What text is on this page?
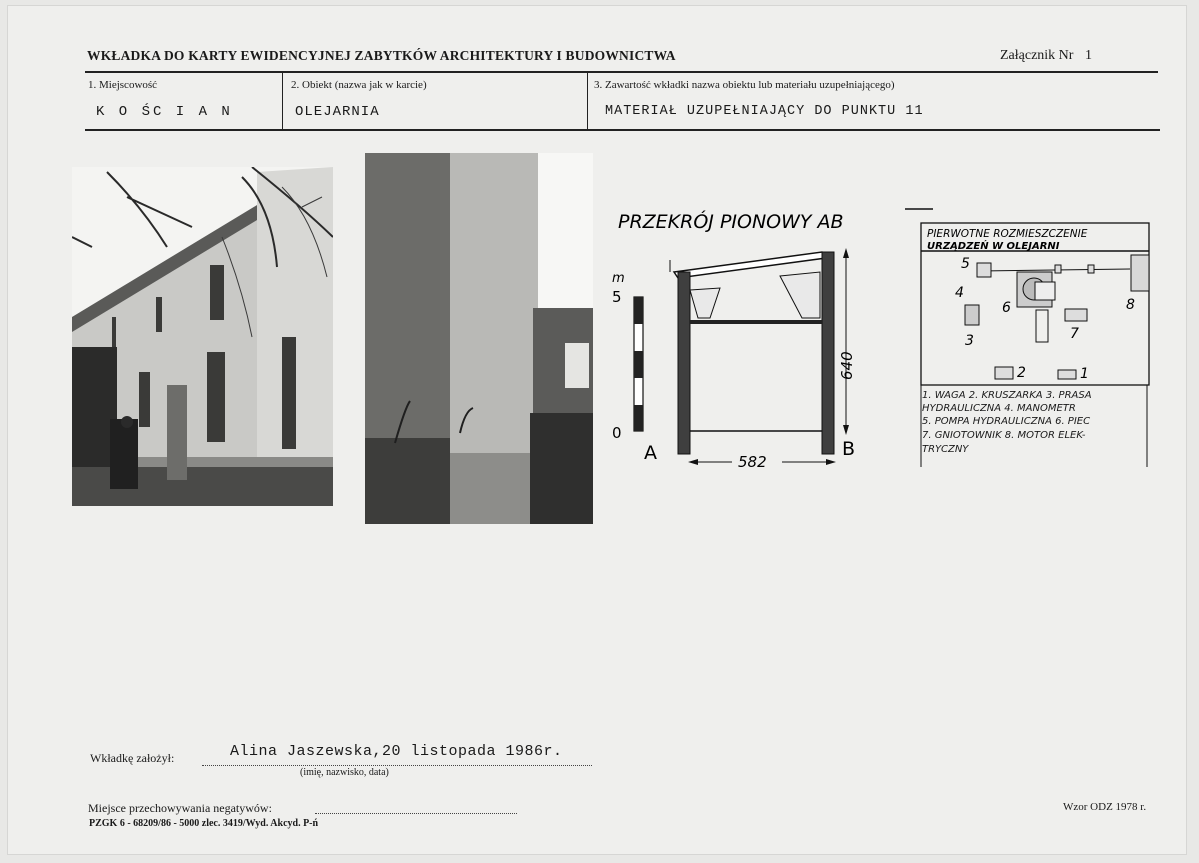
WKŁADKA DO KARTY EWIDENCYJNEJ ZABYTKÓW ARCHITEKTURY I BUDOWNICTWA	Załącznik Nr 1
1. Miejscowość
K O ŚC I A N
2. Obiekt (nazwa jak w karcie)
OLEJARNIA
3. Zawartość wkładki nazwa obiektu lub materiału uzupełniającego)
MATERIAŁ UZUPEŁNIAJĄCY DO PUNKTU 11
PRZEKRÓJ PIONOWY AB
m
5
0
640
582
A	B
PIERWOTNE ROZMIESZCZENIE
URZĄDZEŃ W OLEJARNI
5
4
6	8
3	7
2	1
1. WAGA 2. KRUSZARKA 3. PRASA
HYDRAULICZNA 4. MANOMETR
5. POMPA HYDRAULICZNA 6. PIEC
7. GNIOTOWNIK 8. MOTOR ELEK-
TRYCZNY
Wkładkę założył:	Alina Jaszewska,20 listopada 1986r.
(imię, nazwisko, data)
Miejsce przechowywania negatywów:
PZGK 6 - 68209/86 - 5000 zlec. 3419/Wyd. Akcyd. P-ń
Wzor ODZ 1978 r.
